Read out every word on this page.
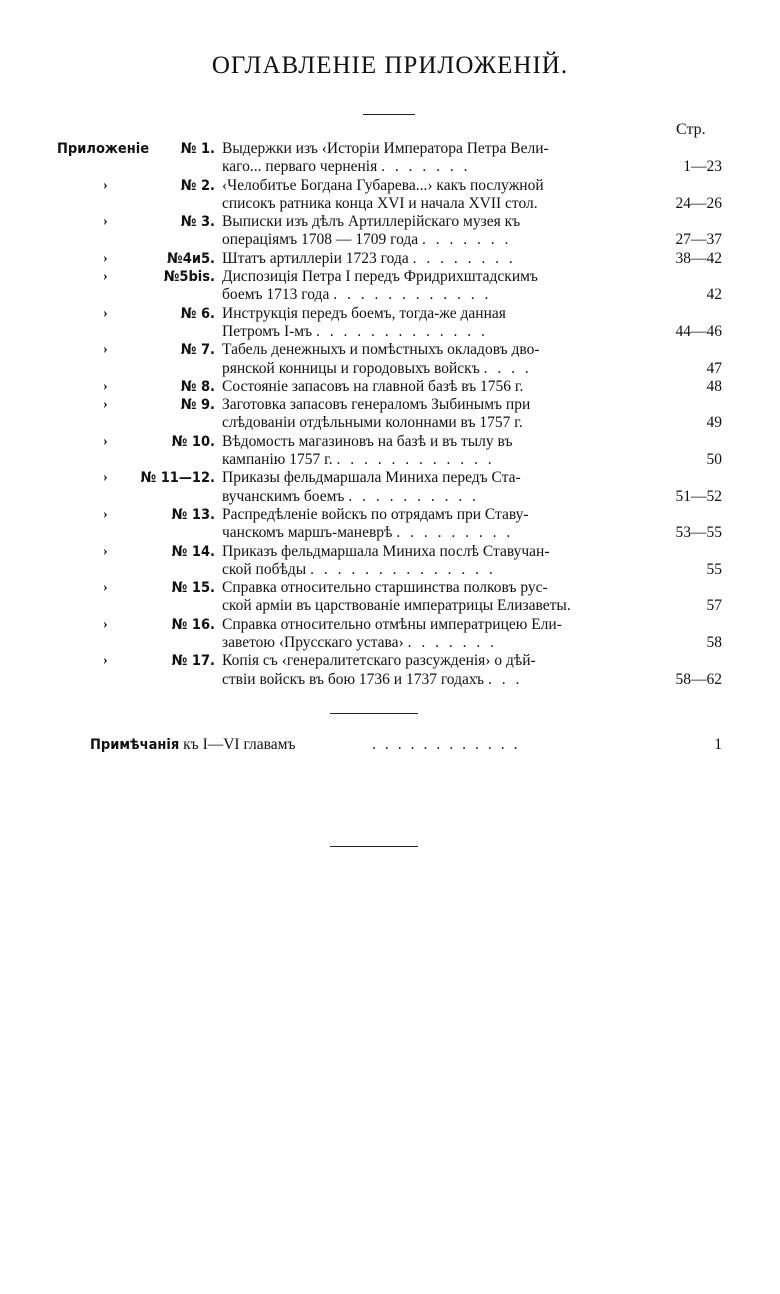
ОГЛАВЛЕНІЕ ПРИЛОЖЕНІЙ.
Стр.
Приложеніе	№ 1. Выдержки изъ ‹Исторіи Императора Петра Вели-
каго... перваго черненія . . . . . . .	1—23
›	№ 2. ‹Челобитье Богдана Губарева...› какъ послужной
списокъ ратника конца XVI и начала XVII стол.	24—26
›	№ 3. Выписки изъ дѣлъ Артиллерійскаго музея къ
операціямъ 1708 — 1709 года . . . . . . .	27—37
›	№4и5. Штатъ артиллеріи 1723 года . . . . . . . .	38—42
›	№5bis. Диспозиція Петра I передъ Фридрихштадскимъ
боемъ 1713 года . . . . . . . . . . . .	42
›	№ 6. Инструкція передъ боемъ, тогда-же данная
Петромъ I-мъ . . . . . . . . . . . . .	44—46
›	№ 7. Табель денежныхъ и помѣстныхъ окладовъ дво-
рянской конницы и городовыхъ войскъ . . . .	47
›	№ 8. Состояніе запасовъ на главной базѣ въ 1756 г.	48
›	№ 9. Заготовка запасовъ генераломъ Зыбинымъ при
слѣдованіи отдѣльными колоннами въ 1757 г.	49
›	№ 10. Вѣдомость магазиновъ на базѣ и въ тылу въ
кампанію 1757 г. . . . . . . . . . . . .	50
› № 11—12. Приказы фельдмаршала Миниха передъ Ста-
вучанскимъ боемъ . . . . . . . . . .	51—52
›	№ 13. Распредѣленіе войскъ по отрядамъ при Ставу-
чанскомъ маршъ-маневрѣ . . . . . . . . .	53—55
›	№ 14. Приказъ фельдмаршала Миниха послѣ Ставучан-
ской побѣды . . . . . . . . . . . . . .	55
›	№ 15. Справка относительно старшинства полковъ рус-
ской арміи въ царствованіе императрицы Елизаветы.	57
›	№ 16. Справка относительно отмѣны императрицею Ели-
заветою ‹Прусскаго устава› . . . . . . .	58
›	№ 17. Копія съ ‹генералитетскаго разсужденія› о дѣй-
ствіи войскъ въ бою 1736 и 1737 годахъ . . .	58—62
Примѣчанія къ I—VI главамъ	............	1
